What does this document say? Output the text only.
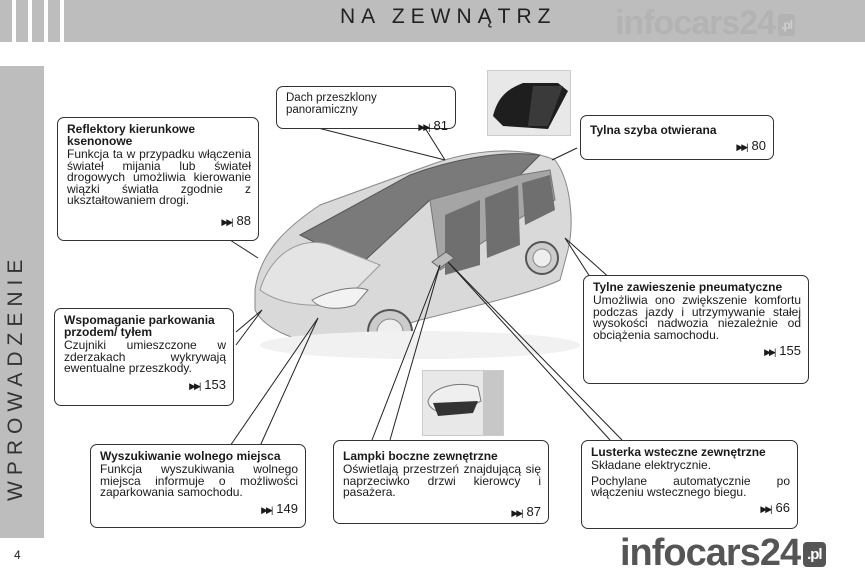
NA ZEWNĄTRZ infocars24 .pl
WPROWADZENIE
4
Reflektory kierunkowe ksenonowe
Funkcja ta w przypadku włączenia świateł mijania lub świateł drogowych umożliwia kierowanie wiązki światła zgodnie z ukształtowaniem drogi.
▶▶| 88
Dach przeszklony panoramiczny
▶▶| 81	Tylna szyba otwierana
▶▶| 80
Tylne zawieszenie pneumatyczne
Umożliwia ono zwiększenie komfortu podczas jazdy i utrzymywanie stałej wysokości nadwozia niezależnie od obciążenia samochodu.
▶▶| 155
Wspomaganie parkowania przodem/ tyłem
Czujniki umieszczone w zderzakach wykrywają ewentualne przeszkody.
▶▶| 153
Wyszukiwanie wolnego miejsca
Funkcja wyszukiwania wolnego miejsca informuje o możliwości zaparkowania samochodu.
▶▶| 149
Lampki boczne zewnętrzne
Oświetlają przestrzeń znajdującą się naprzeciwko drzwi kierowcy i pasażera.
▶▶| 87
Lusterka wsteczne zewnętrzne
Składane elektrycznie.
Pochylane automatycznie po włączeniu wstecznego biegu.
▶▶| 66
infocars24 .pl
